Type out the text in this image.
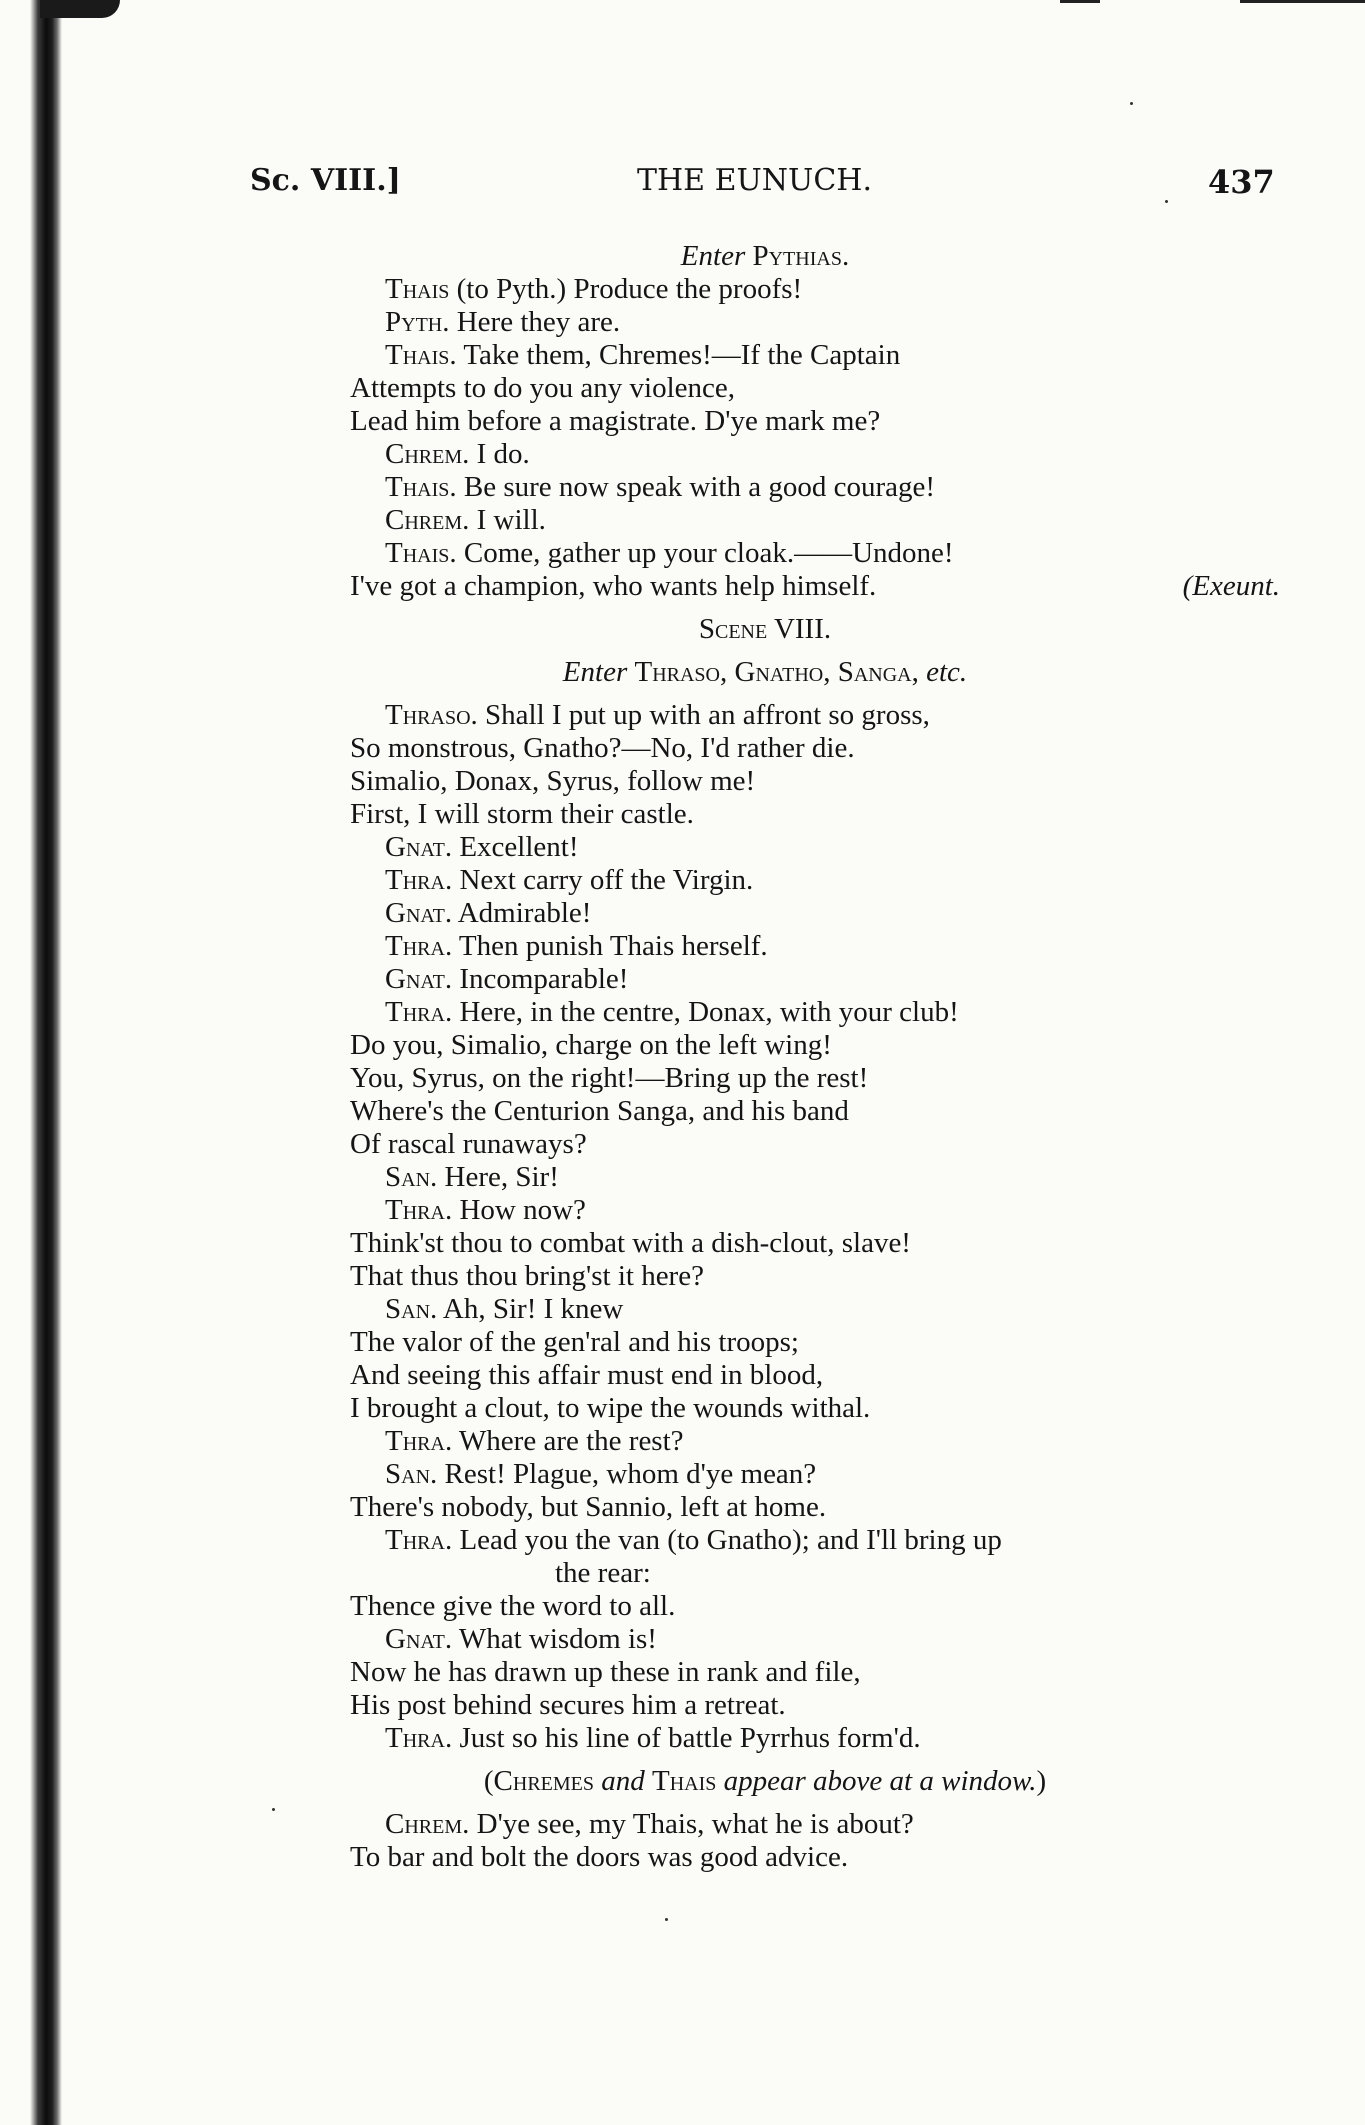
Sc. VIII.]	THE EUNUCH.	437
Enter Pythias.
Thais (to Pyth.) Produce the proofs!
Pyth. Here they are.
Thais. Take them, Chremes!—If the Captain
Attempts to do you any violence,
Lead him before a magistrate. D'ye mark me?
Chrem. I do.
Thais. Be sure now speak with a good courage!
Chrem. I will.
Thais. Come, gather up your cloak.——Undone!
I've got a champion, who wants help himself.	(Exeunt.
Scene VIII.
Enter Thraso, Gnatho, Sanga, etc.
Thraso. Shall I put up with an affront so gross,
So monstrous, Gnatho?—No, I'd rather die.
Simalio, Donax, Syrus, follow me!
First, I will storm their castle.
Gnat. Excellent!
Thra. Next carry off the Virgin.
Gnat. Admirable!
Thra. Then punish Thais herself.
Gnat. Incomparable!
Thra. Here, in the centre, Donax, with your club!
Do you, Simalio, charge on the left wing!
You, Syrus, on the right!—Bring up the rest!
Where's the Centurion Sanga, and his band
Of rascal runaways?
San. Here, Sir!
Thra. How now?
Think'st thou to combat with a dish-clout, slave!
That thus thou bring'st it here?
San. Ah, Sir! I knew
The valor of the gen'ral and his troops;
And seeing this affair must end in blood,
I brought a clout, to wipe the wounds withal.
Thra. Where are the rest?
San. Rest! Plague, whom d'ye mean?
There's nobody, but Sannio, left at home.
Thra. Lead you the van (to Gnatho); and I'll bring up
the rear:
Thence give the word to all.
Gnat. What wisdom is!
Now he has drawn up these in rank and file,
His post behind secures him a retreat.
Thra. Just so his line of battle Pyrrhus form'd.
(Chremes and Thais appear above at a window.)
Chrem. D'ye see, my Thais, what he is about?
To bar and bolt the doors was good advice.
